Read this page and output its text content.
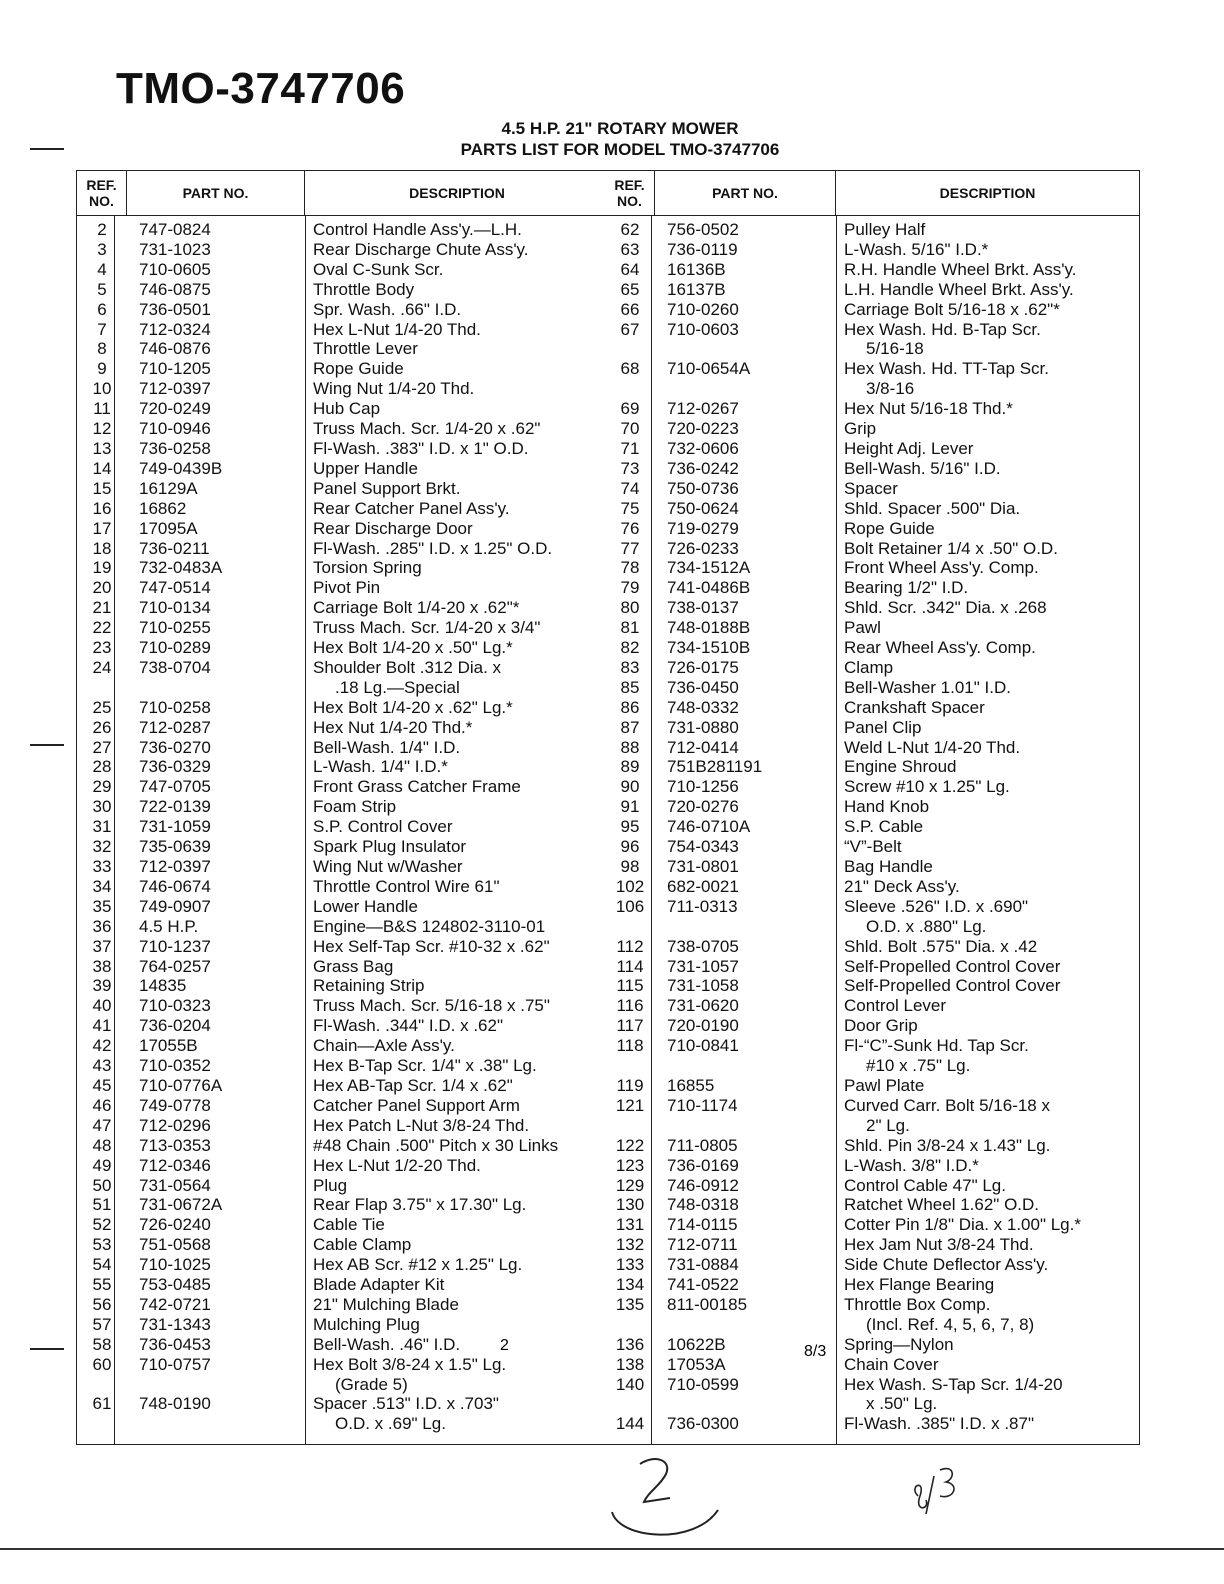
TMO-3747706
4.5 H.P. 21" ROTARY MOWER
PARTS LIST FOR MODEL TMO-3747706
REF. NO.	PART NO.	DESCRIPTION
2	747-0824	Control Handle Ass'y.—L.H.
3	731-1023	Rear Discharge Chute Ass'y.
4	710-0605	Oval C-Sunk Scr.
5	746-0875	Throttle Body
6	736-0501	Spr. Wash. .66" I.D.
7	712-0324	Hex L-Nut 1/4-20 Thd.
8	746-0876	Throttle Lever
9	710-1205	Rope Guide
10	712-0397	Wing Nut 1/4-20 Thd.
11	720-0249	Hub Cap
12	710-0946	Truss Mach. Scr. 1/4-20 x .62"
13	736-0258	Fl-Wash. .383" I.D. x 1" O.D.
14	749-0439B	Upper Handle
15	16129A	Panel Support Brkt.
16	16862	Rear Catcher Panel Ass'y.
17	17095A	Rear Discharge Door
18	736-0211	Fl-Wash. .285" I.D. x 1.25" O.D.
19	732-0483A	Torsion Spring
20	747-0514	Pivot Pin
21	710-0134	Carriage Bolt 1/4-20 x .62"*
22	710-0255	Truss Mach. Scr. 1/4-20 x 3/4"
23	710-0289	Hex Bolt 1/4-20 x .50" Lg.*
24	738-0704	Shoulder Bolt .312 Dia. x
.18 Lg.—Special
25	710-0258	Hex Bolt 1/4-20 x .62" Lg.*
26	712-0287	Hex Nut 1/4-20 Thd.*
27	736-0270	Bell-Wash. 1/4" I.D.
28	736-0329	L-Wash. 1/4" I.D.*
29	747-0705	Front Grass Catcher Frame
30	722-0139	Foam Strip
31	731-1059	S.P. Control Cover
32	735-0639	Spark Plug Insulator
33	712-0397	Wing Nut w/Washer
34	746-0674	Throttle Control Wire 61"
35	749-0907	Lower Handle
36	4.5 H.P.	Engine—B&S 124802-3110-01
37	710-1237	Hex Self-Tap Scr. #10-32 x .62"
38	764-0257	Grass Bag
39	14835	Retaining Strip
40	710-0323	Truss Mach. Scr. 5/16-18 x .75"
41	736-0204	Fl-Wash. .344" I.D. x .62"
42	17055B	Chain—Axle Ass'y.
43	710-0352	Hex B-Tap Scr. 1/4" x .38" Lg.
45	710-0776A	Hex AB-Tap Scr. 1/4 x .62"
46	749-0778	Catcher Panel Support Arm
47	712-0296	Hex Patch L-Nut 3/8-24 Thd.
48	713-0353	#48 Chain .500" Pitch x 30 Links
49	712-0346	Hex L-Nut 1/2-20 Thd.
50	731-0564	Plug
51	731-0672A	Rear Flap 3.75" x 17.30" Lg.
52	726-0240	Cable Tie
53	751-0568	Cable Clamp
54	710-1025	Hex AB Scr. #12 x 1.25" Lg.
55	753-0485	Blade Adapter Kit
56	742-0721	21" Mulching Blade
57	731-1343	Mulching Plug
58	736-0453	Bell-Wash. .46" I.D.
60	710-0757	Hex Bolt 3/8-24 x 1.5" Lg.
(Grade 5)
61	748-0190	Spacer .513" I.D. x .703"
O.D. x .69" Lg.
REF. NO.	PART NO.	DESCRIPTION
62	756-0502	Pulley Half
63	736-0119	L-Wash. 5/16" I.D.*
64	16136B	R.H. Handle Wheel Brkt. Ass'y.
65	16137B	L.H. Handle Wheel Brkt. Ass'y.
66	710-0260	Carriage Bolt 5/16-18 x .62"*
67	710-0603	Hex Wash. Hd. B-Tap Scr.
5/16-18
68	710-0654A	Hex Wash. Hd. TT-Tap Scr.
3/8-16
69	712-0267	Hex Nut 5/16-18 Thd.*
70	720-0223	Grip
71	732-0606	Height Adj. Lever
73	736-0242	Bell-Wash. 5/16" I.D.
74	750-0736	Spacer
75	750-0624	Shld. Spacer .500" Dia.
76	719-0279	Rope Guide
77	726-0233	Bolt Retainer 1/4 x .50" O.D.
78	734-1512A	Front Wheel Ass'y. Comp.
79	741-0486B	Bearing 1/2" I.D.
80	738-0137	Shld. Scr. .342" Dia. x .268
81	748-0188B	Pawl
82	734-1510B	Rear Wheel Ass'y. Comp.
83	726-0175	Clamp
85	736-0450	Bell-Washer 1.01" I.D.
86	748-0332	Crankshaft Spacer
87	731-0880	Panel Clip
88	712-0414	Weld L-Nut 1/4-20 Thd.
89	751B281191	Engine Shroud
90	710-1256	Screw #10 x 1.25" Lg.
91	720-0276	Hand Knob
95	746-0710A	S.P. Cable
96	754-0343	“V”-Belt
98	731-0801	Bag Handle
102	682-0021	21" Deck Ass'y.
106	711-0313	Sleeve .526" I.D. x .690"
O.D. x .880" Lg.
112	738-0705	Shld. Bolt .575" Dia. x .42
114	731-1057	Self-Propelled Control Cover
115	731-1058	Self-Propelled Control Cover
116	731-0620	Control Lever
117	720-0190	Door Grip
118	710-0841	Fl-“C”-Sunk Hd. Tap Scr.
#10 x .75" Lg.
119	16855	Pawl Plate
121	710-1174	Curved Carr. Bolt 5/16-18 x
2" Lg.
122	711-0805	Shld. Pin 3/8-24 x 1.43" Lg.
123	736-0169	L-Wash. 3/8" I.D.*
129	746-0912	Control Cable 47" Lg.
130	748-0318	Ratchet Wheel 1.62" O.D.
131	714-0115	Cotter Pin 1/8" Dia. x 1.00" Lg.*
132	712-0711	Hex Jam Nut 3/8-24 Thd.
133	731-0884	Side Chute Deflector Ass'y.
134	741-0522	Hex Flange Bearing
135	811-00185	Throttle Box Comp.
(Incl. Ref. 4, 5, 6, 7, 8)
136	10622B	Spring—Nylon
138	17053A	Chain Cover
140	710-0599	Hex Wash. S-Tap Scr. 1/4-20
x .50" Lg.
144	736-0300	Fl-Wash. .385" I.D. x .87"
2	8/3
